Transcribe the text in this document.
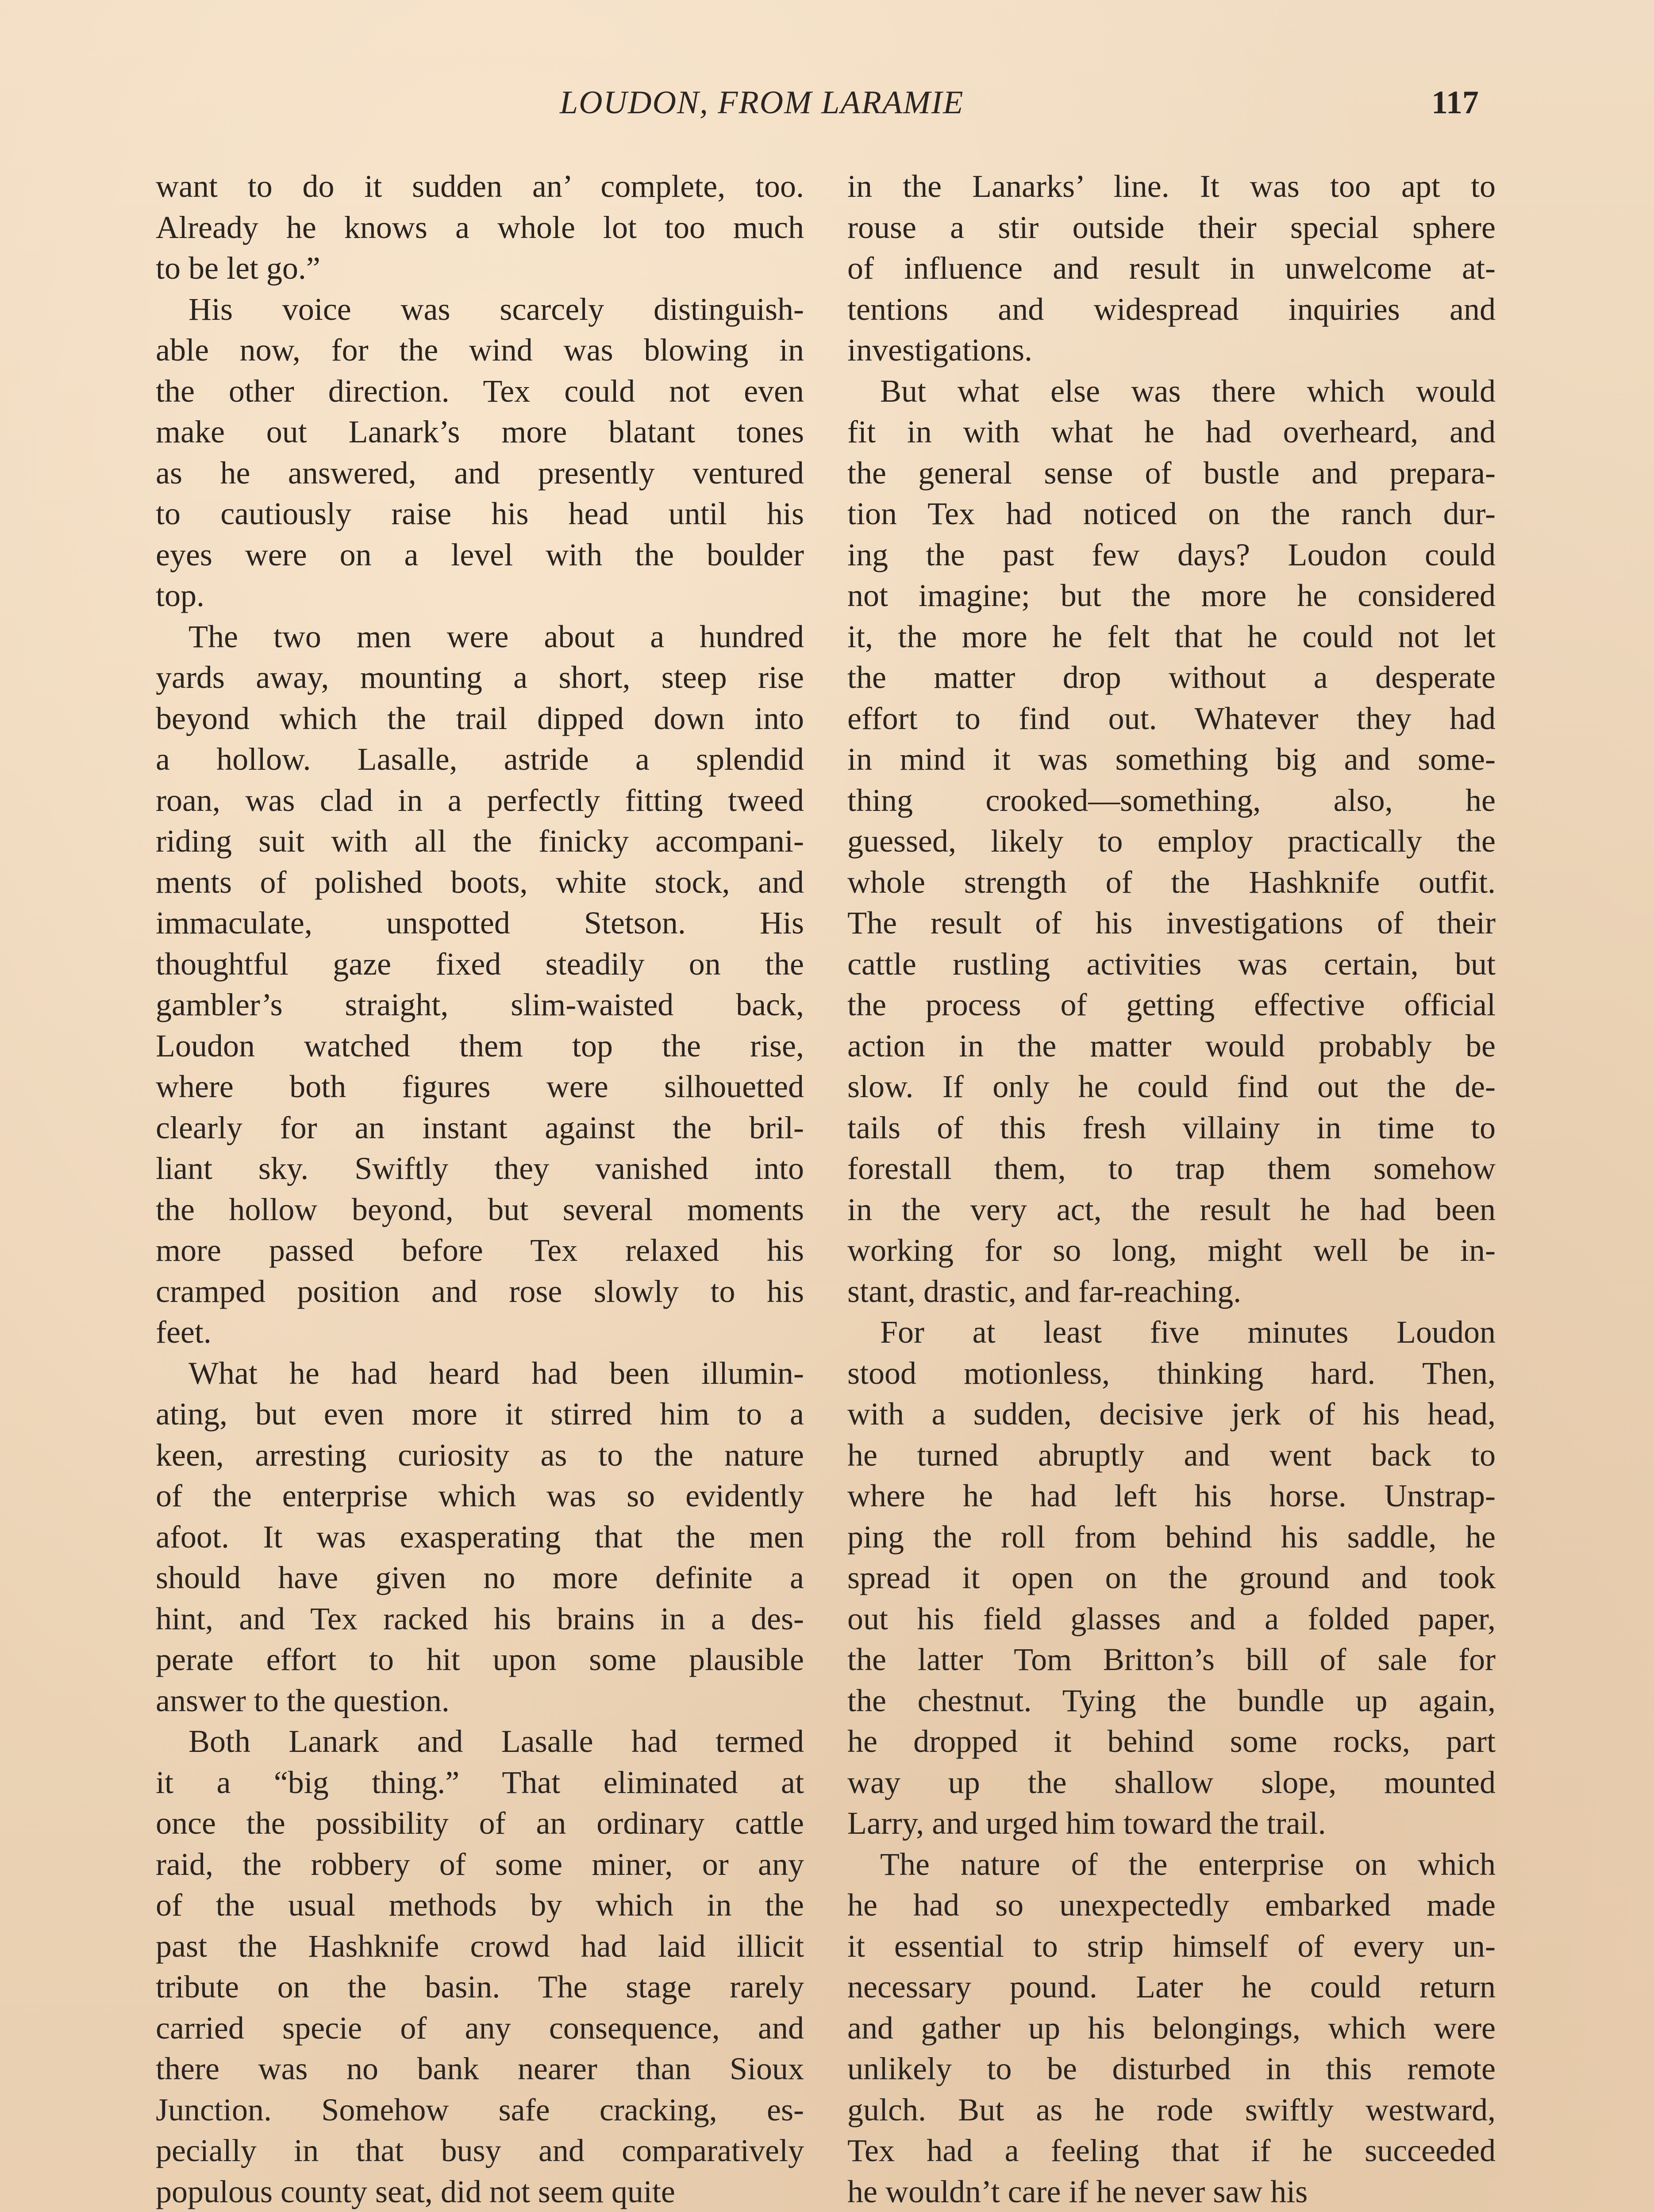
LOUDON, FROM LARAMIE	117

want to do it sudden an’ complete, too.
Already he knows a whole lot too much
to be let go.”

His voice was scarcely distinguish-
able now, for the wind was blowing in
the other direction. Tex could not even
make out Lanark’s more blatant tones
as he answered, and presently ventured
to cautiously raise his head until his
eyes were on a level with the boulder
top.

The two men were about a hundred
yards away, mounting a short, steep rise
beyond which the trail dipped down into
a hollow. Lasalle, astride a splendid
roan, was clad in a perfectly fitting tweed
riding suit with all the finicky accompani-
ments of polished boots, white stock, and
immaculate, unspotted Stetson. His
thoughtful gaze fixed steadily on the
gambler’s straight, slim-waisted back,
Loudon watched them top the rise,
where both figures were silhouetted
clearly for an instant against the bril-
liant sky. Swiftly they vanished into
the hollow beyond, but several moments
more passed before Tex relaxed his
cramped position and rose slowly to his
feet.

What he had heard had been illumin-
ating, but even more it stirred him to a
keen, arresting curiosity as to the nature
of the enterprise which was so evidently
afoot. It was exasperating that the men
should have given no more definite a
hint, and Tex racked his brains in a des-
perate effort to hit upon some plausible
answer to the question.

Both Lanark and Lasalle had termed
it a “big thing.” That eliminated at
once the possibility of an ordinary cattle
raid, the robbery of some miner, or any
of the usual methods by which in the
past the Hashknife crowd had laid illicit
tribute on the basin. The stage rarely
carried specie of any consequence, and
there was no bank nearer than Sioux
Junction. Somehow safe cracking, es-
pecially in that busy and comparatively
populous county seat, did not seem quite

in the Lanarks’ line. It was too apt to
rouse a stir outside their special sphere
of influence and result in unwelcome at-
tentions and widespread inquiries and
investigations.

But what else was there which would
fit in with what he had overheard, and
the general sense of bustle and prepara-
tion Tex had noticed on the ranch dur-
ing the past few days? Loudon could
not imagine; but the more he considered
it, the more he felt that he could not let
the matter drop without a desperate
effort to find out. Whatever they had
in mind it was something big and some-
thing crooked—something, also, he
guessed, likely to employ practically the
whole strength of the Hashknife outfit.
The result of his investigations of their
cattle rustling activities was certain, but
the process of getting effective official
action in the matter would probably be
slow. If only he could find out the de-
tails of this fresh villainy in time to
forestall them, to trap them somehow
in the very act, the result he had been
working for so long, might well be in-
stant, drastic, and far-reaching.

For at least five minutes Loudon
stood motionless, thinking hard. Then,
with a sudden, decisive jerk of his head,
he turned abruptly and went back to
where he had left his horse. Unstrap-
ping the roll from behind his saddle, he
spread it open on the ground and took
out his field glasses and a folded paper,
the latter Tom Britton’s bill of sale for
the chestnut. Tying the bundle up again,
he dropped it behind some rocks, part
way up the shallow slope, mounted
Larry, and urged him toward the trail.

The nature of the enterprise on which
he had so unexpectedly embarked made
it essential to strip himself of every un-
necessary pound. Later he could return
and gather up his belongings, which were
unlikely to be disturbed in this remote
gulch. But as he rode swiftly westward,
Tex had a feeling that if he succeeded
he wouldn’t care if he never saw his
